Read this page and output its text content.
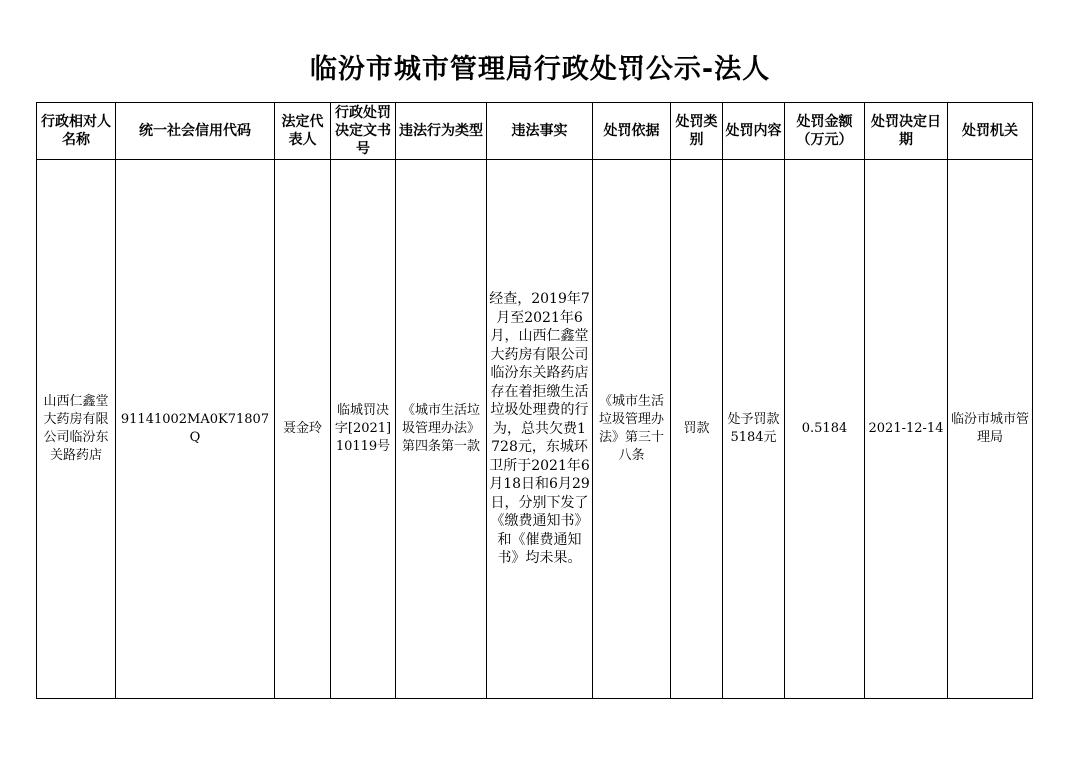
临汾市城市管理局行政处罚公示-法人
行政相对人名称	统一社会信用代码	法定代表人	行政处罚决定文书号	违法行为类型	违法事实	处罚依据	处罚类别	处罚内容	处罚金额（万元）	处罚决定日期	处罚机关
山西仁鑫堂大药房有限公司临汾东关路药店	91141002MA0K71807Q	聂金玲	临城罚决字[2021]10119号	《城市生活垃圾管理办法》第四条第一款	经查，2019年7月至2021年6月，山西仁鑫堂大药房有限公司临汾东关路药店存在着拒缴生活垃圾处理费的行为，总共欠费1728元，东城环卫所于2021年6月18日和6月29日，分别下发了《缴费通知书》和《催费通知书》均未果。	《城市生活垃圾管理办法》第三十八条	罚款	处予罚款5184元	0.5184	2021-12-14	临汾市城市管理局
